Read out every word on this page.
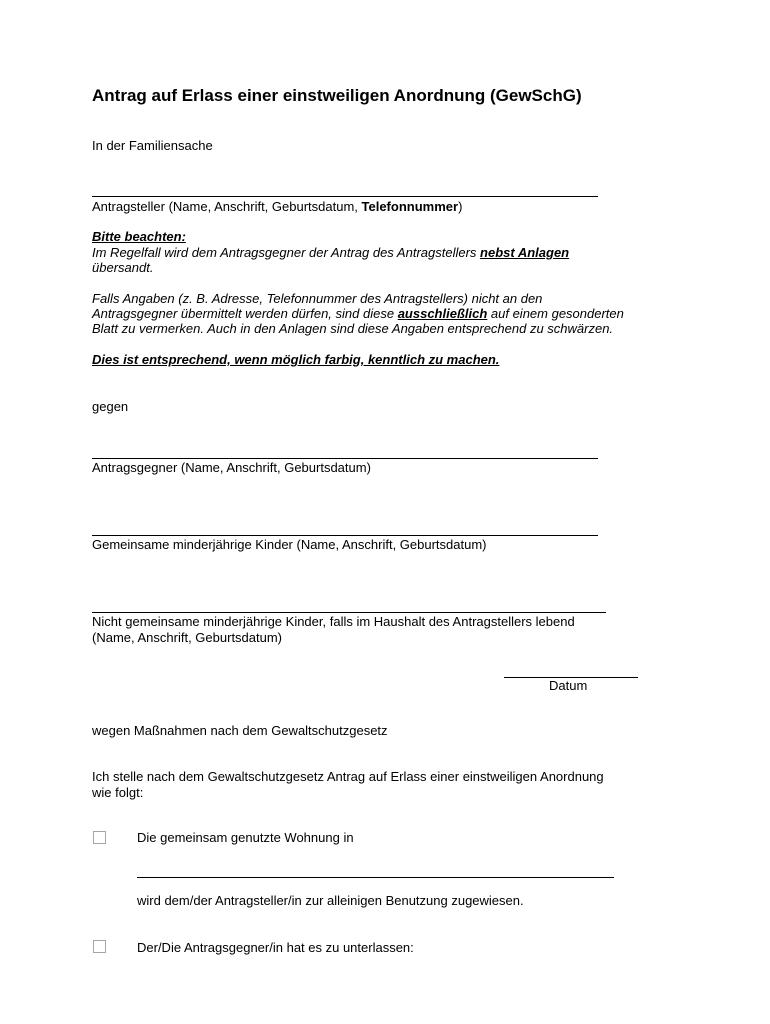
Antrag auf Erlass einer einstweiligen Anordnung (GewSchG)
In der Familiensache
Antragsteller (Name, Anschrift, Geburtsdatum, Telefonnummer)
Bitte beachten:
Im Regelfall wird dem Antragsgegner der Antrag des Antragstellers nebst Anlagen
übersandt.
Falls Angaben (z. B. Adresse, Telefonnummer des Antragstellers) nicht an den
Antragsgegner übermittelt werden dürfen, sind diese ausschließlich auf einem gesonderten
Blatt zu vermerken. Auch in den Anlagen sind diese Angaben entsprechend zu schwärzen.
Dies ist entsprechend, wenn möglich farbig, kenntlich zu machen.
gegen
Antragsgegner (Name, Anschrift, Geburtsdatum)
Gemeinsame minderjährige Kinder (Name, Anschrift, Geburtsdatum)
Nicht gemeinsame minderjährige Kinder, falls im Haushalt des Antragstellers lebend
(Name, Anschrift, Geburtsdatum)
Datum
wegen Maßnahmen nach dem Gewaltschutzgesetz
Ich stelle nach dem Gewaltschutzgesetz Antrag auf Erlass einer einstweiligen Anordnung
wie folgt:
Die gemeinsam genutzte Wohnung in
wird dem/der Antragsteller/in zur alleinigen Benutzung zugewiesen.
Der/Die Antragsgegner/in hat es zu unterlassen:
